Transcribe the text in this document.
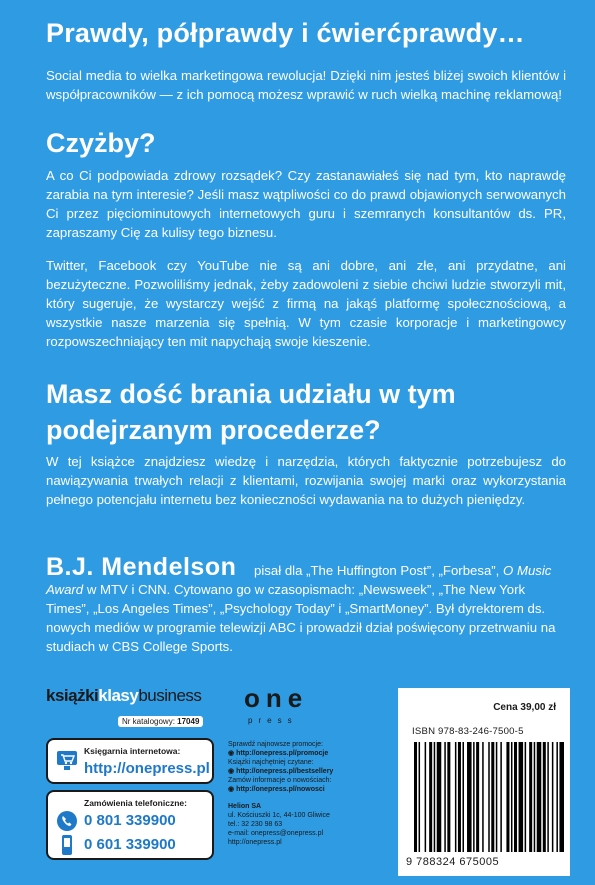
Prawdy, półprawdy i ćwierćprawdy…

Social media to wielka marketingowa rewolucja! Dzięki nim jesteś bliżej swoich klientów i współpracowników — z ich pomocą możesz wprawić w ruch wielką machinę reklamową!

Czyżby?

A co Ci podpowiada zdrowy rozsądek? Czy zastanawiałeś się nad tym, kto naprawdę zarabia na tym interesie? Jeśli masz wątpliwości co do prawd objawionych serwowanych Ci przez pięciominutowych internetowych guru i szemranych konsultantów ds. PR, zapraszamy Cię za kulisy tego biznesu.

Twitter, Facebook czy YouTube nie są ani dobre, ani złe, ani przydatne, ani bezużyteczne. Pozwoliliśmy jednak, żeby zadowoleni z siebie chciwi ludzie stworzyli mit, który sugeruje, że wystarczy wejść z firmą na jakąś platformę społecznościową, a wszystkie nasze marzenia się spełnią. W tym czasie korporacje i marketingowcy rozpowszechniający ten mit napychają swoje kieszenie.

Masz dość brania udziału w tym podejrzanym procederze?

W tej książce znajdziesz wiedzę i narzędzia, których faktycznie potrzebujesz do nawiązywania trwałych relacji z klientami, rozwijania swojej marki oraz wykorzystania pełnego potencjału internetu bez konieczności wydawania na to dużych pieniędzy.

B.J. Mendelson pisał dla „The Huffington Post”, „Forbesa”, O Music Award w MTV i CNN. Cytowano go w czasopismach: „Newsweek”, „The New York Times”, „Los Angeles Times”, „Psychology Today” i „SmartMoney”. Był dyrektorem ds. nowych mediów w programie telewizji ABC i prowadził dział poświęcony przetrwaniu na studiach w CBS College Sports.

książkiklasybusiness
Nr katalogowy: 17049
Księgarnia internetowa:
http://onepress.pl
Zamówienia telefoniczne:
0 801 339900
0 601 339900
one
press
Sprawdź najnowsze promocje:
◉ http://onepress.pl/promocje
Książki najchętniej czytane:
◉ http://onepress.pl/bestsellery
Zamów informacje o nowościach:
◉ http://onepress.pl/nowosci
Helion SA
ul. Kościuszki 1c, 44-100 Gliwice
tel.: 32 230 98 63
e-mail: onepress@onepress.pl
http://onepress.pl
Cena 39,00 zł
ISBN 978-83-246-7500-5
9 788324 675005
